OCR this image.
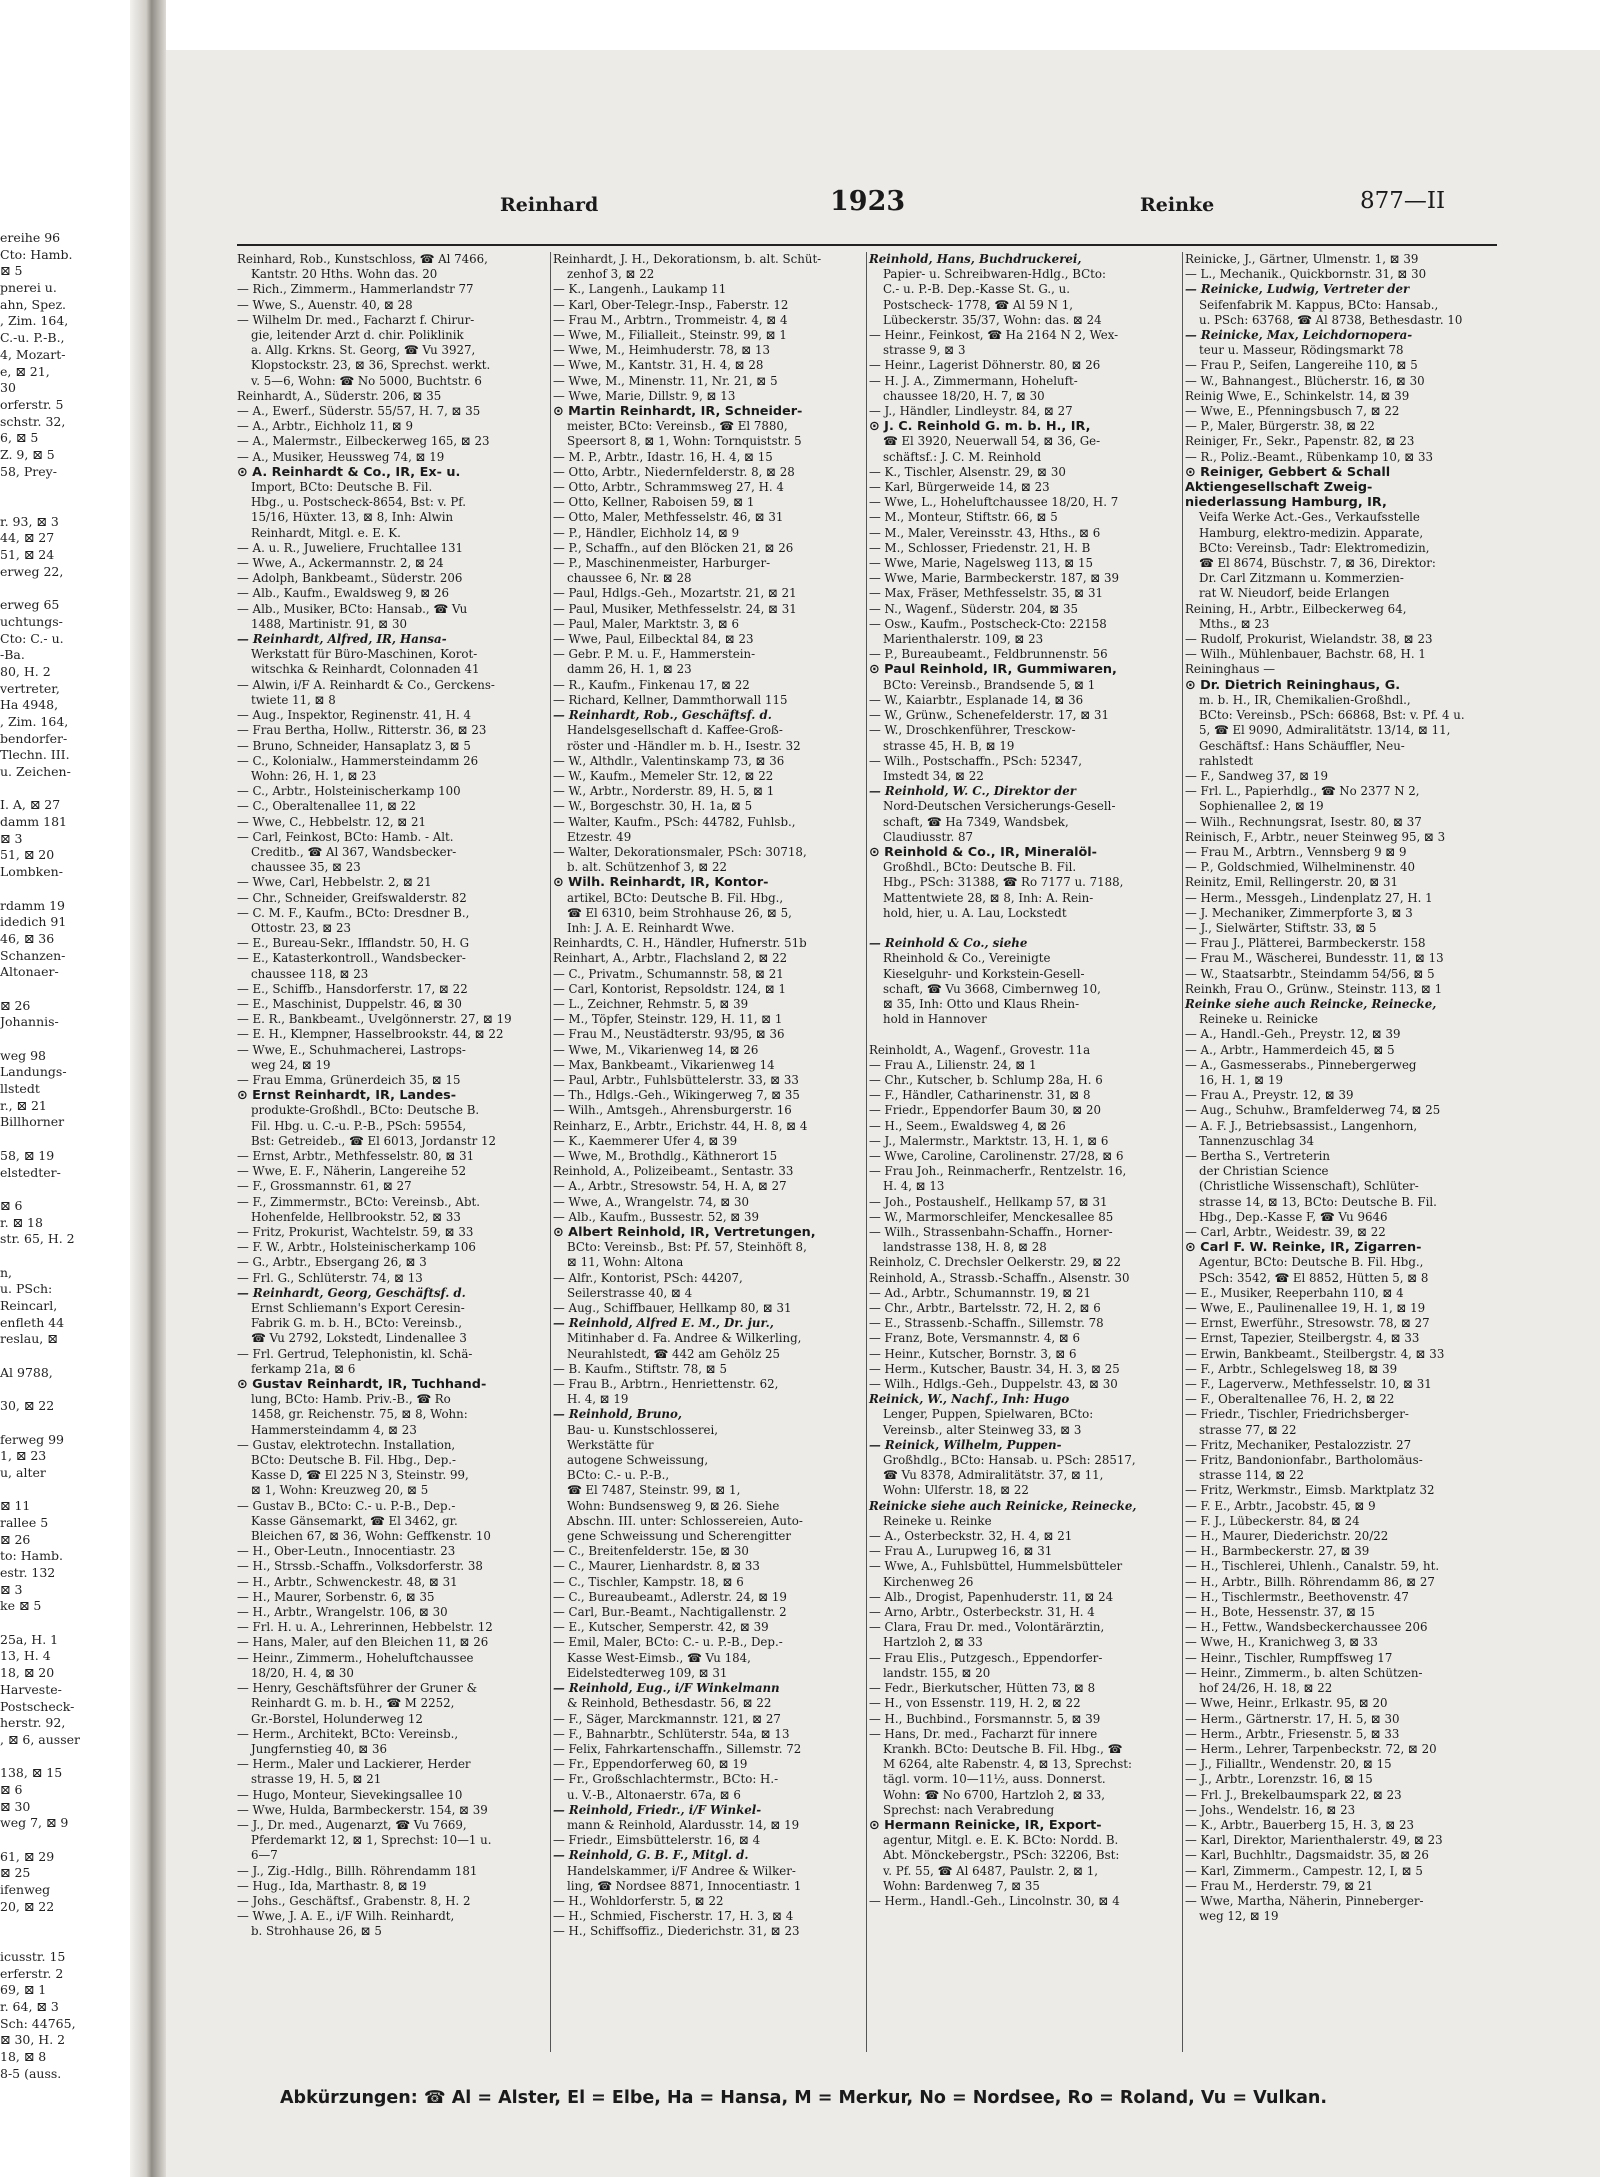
ereihe 96
Cto: Hamb.
⊠ 5
pnerei u.
ahn, Spez.
, Zim. 164,
C.-u. P.-B.,
4, Mozart-
e, ⊠ 21,
30
orferstr. 5
schstr. 32,
6, ⊠ 5
Z. 9, ⊠ 5
58, Prey-
r. 93, ⊠ 3
44, ⊠ 27
51, ⊠ 24
erweg 22,
erweg 65
uchtungs-
Cto: C.- u.
-Ba.
80, H. 2
vertreter,
Ha 4948,
, Zim. 164,
bendorfer-
Tlechn. III.
u. Zeichen-
I. A, ⊠ 27
damm 181
⊠ 3
51, ⊠ 20
Lombken-
rdamm 19
idedich 91
46, ⊠ 36
Schanzen-
Altonaer-
⊠ 26
Johannis-
weg 98
Landungs-
llstedt
r., ⊠ 21
Billhorner
58, ⊠ 19
elstedter-
⊠ 6
r. ⊠ 18
str. 65, H. 2
n,
u. PSch:
Reincarl,
enfleth 44
reslau, ⊠
Al 9788,
30, ⊠ 22
ferweg 99
1, ⊠ 23
u, alter
⊠ 11
rallee 5
⊠ 26
to: Hamb.
estr. 132
⊠ 3
ke ⊠ 5
25a, H. 1
13, H. 4
18, ⊠ 20
Harveste-
Postscheck-
herstr. 92,
, ⊠ 6, ausser
138, ⊠ 15
⊠ 6
⊠ 30
weg 7, ⊠ 9
61, ⊠ 29
⊠ 25
ifenweg
20, ⊠ 22
icusstr. 15
erferstr. 2
69, ⊠ 1
r. 64, ⊠ 3
Sch: 44765,
⊠ 30, H. 2
18, ⊠ 8
8-5 (auss.
Reinhard	1923	Reinke	877—II
Reinhard, Rob., Kunstschloss, ☎ Al 7466,
Kantstr. 20 Hths. Wohn das. 20
— Rich., Zimmerm., Hammerlandstr 77
— Wwe, S., Auenstr. 40, ⊠ 28
— Wilhelm Dr. med., Facharzt f. Chirur-
gie, leitender Arzt d. chir. Poliklinik
a. Allg. Krkns. St. Georg, ☎ Vu 3927,
Klopstockstr. 23, ⊠ 36, Sprechst. werkt.
v. 5—6, Wohn: ☎ No 5000, Buchtstr. 6
Reinhardt, A., Süderstr. 206, ⊠ 35
— A., Ewerf., Süderstr. 55/57, H. 7, ⊠ 35
— A., Arbtr., Eichholz 11, ⊠ 9
— A., Malermstr., Eilbeckerweg 165, ⊠ 23
— A., Musiker, Heussweg 74, ⊠ 19
⊙ A. Reinhardt & Co., IR, Ex- u.
Import, BCto: Deutsche B. Fil.
Hbg., u. Postscheck-8654, Bst: v. Pf.
15/16, Hüxter. 13, ⊠ 8, Inh: Alwin
Reinhardt, Mitgl. e. E. K.
— A. u. R., Juweliere, Fruchtallee 131
— Wwe, A., Ackermannstr. 2, ⊠ 24
— Adolph, Bankbeamt., Süderstr. 206
— Alb., Kaufm., Ewaldsweg 9, ⊠ 26
— Alb., Musiker, BCto: Hansab., ☎ Vu
1488, Martinistr. 91, ⊠ 30
— Reinhardt, Alfred, IR, Hansa-
Werkstatt für Büro-Maschinen, Korot-
witschka & Reinhardt, Colonnaden 41
— Alwin, i/F A. Reinhardt & Co., Gerckens-
twiete 11, ⊠ 8
— Aug., Inspektor, Reginenstr. 41, H. 4
— Frau Bertha, Hollw., Ritterstr. 36, ⊠ 23
— Bruno, Schneider, Hansaplatz 3, ⊠ 5
— C., Kolonialw., Hammersteindamm 26
Wohn: 26, H. 1, ⊠ 23
— C., Arbtr., Holsteinischerkamp 100
— C., Oberaltenallee 11, ⊠ 22
— Wwe, C., Hebbelstr. 12, ⊠ 21
— Carl, Feinkost, BCto: Hamb. - Alt.
Creditb., ☎ Al 367, Wandsbecker-
chaussee 35, ⊠ 23
— Wwe, Carl, Hebbelstr. 2, ⊠ 21
— Chr., Schneider, Greifswalderstr. 82
— C. M. F., Kaufm., BCto: Dresdner B.,
Ottostr. 23, ⊠ 23
— E., Bureau-Sekr., Ifflandstr. 50, H. G
— E., Katasterkontroll., Wandsbecker-
chaussee 118, ⊠ 23
— E., Schiffb., Hansdorferstr. 17, ⊠ 22
— E., Maschinist, Duppelstr. 46, ⊠ 30
— E. R., Bankbeamt., Uvelgönnerstr. 27, ⊠ 19
— E. H., Klempner, Hasselbrookstr. 44, ⊠ 22
— Wwe, E., Schuhmacherei, Lastrops-
weg 24, ⊠ 19
— Frau Emma, Grünerdeich 35, ⊠ 15
⊙ Ernst Reinhardt, IR, Landes-
produkte-Großhdl., BCto: Deutsche B.
Fil. Hbg. u. C.-u. P.-B., PSch: 59554,
Bst: Getreideb., ☎ El 6013, Jordanstr 12
— Ernst, Arbtr., Methfesselstr. 80, ⊠ 31
— Wwe, E. F., Näherin, Langereihe 52
— F., Grossmannstr. 61, ⊠ 27
— F., Zimmermstr., BCto: Vereinsb., Abt.
Hohenfelde, Hellbrookstr. 52, ⊠ 33
— Fritz, Prokurist, Wachtelstr. 59, ⊠ 33
— F. W., Arbtr., Holsteinischerkamp 106
— G., Arbtr., Ebsergang 26, ⊠ 3
— Frl. G., Schlüterstr. 74, ⊠ 13
— Reinhardt, Georg, Geschäftsf. d.
Ernst Schliemann's Export Ceresin-
Fabrik G. m. b. H., BCto: Vereinsb.,
☎ Vu 2792, Lokstedt, Lindenallee 3
— Frl. Gertrud, Telephonistin, kl. Schä-
ferkamp 21a, ⊠ 6
⊙ Gustav Reinhardt, IR, Tuchhand-
lung, BCto: Hamb. Priv.-B., ☎ Ro
1458, gr. Reichenstr. 75, ⊠ 8, Wohn:
Hammersteindamm 4, ⊠ 23
— Gustav, elektrotechn. Installation,
BCto: Deutsche B. Fil. Hbg., Dep.-
Kasse D, ☎ El 225 N 3, Steinstr. 99,
⊠ 1, Wohn: Kreuzweg 20, ⊠ 5
— Gustav B., BCto: C.- u. P.-B., Dep.-
Kasse Gänsemarkt, ☎ El 3462, gr.
Bleichen 67, ⊠ 36, Wohn: Geffkenstr. 10
— H., Ober-Leutn., Innocentiastr. 23
— H., Strssb.-Schaffn., Volksdorferstr. 38
— H., Arbtr., Schwenckestr. 48, ⊠ 31
— H., Maurer, Sorbenstr. 6, ⊠ 35
— H., Arbtr., Wrangelstr. 106, ⊠ 30
— Frl. H. u. A., Lehrerinnen, Hebbelstr. 12
— Hans, Maler, auf den Bleichen 11, ⊠ 26
— Heinr., Zimmerm., Hoheluftchaussee
18/20, H. 4, ⊠ 30
— Henry, Geschäftsführer der Gruner &
Reinhardt G. m. b. H., ☎ M 2252,
Gr.-Borstel, Holunderweg 12
— Herm., Architekt, BCto: Vereinsb.,
Jungfernstieg 40, ⊠ 36
— Herm., Maler und Lackierer, Herder
strasse 19, H. 5, ⊠ 21
— Hugo, Monteur, Sievekingsallee 10
— Wwe, Hulda, Barmbeckerstr. 154, ⊠ 39
— J., Dr. med., Augenarzt, ☎ Vu 7669,
Pferdemarkt 12, ⊠ 1, Sprechst: 10—1 u.
6—7
— J., Zig.-Hdlg., Billh. Röhrendamm 181
— Hug., Ida, Marthastr. 8, ⊠ 19
— Johs., Geschäftsf., Grabenstr. 8, H. 2
— Wwe, J. A. E., i/F Wilh. Reinhardt,
b. Strohhause 26, ⊠ 5
Reinhardt, J. H., Dekorationsm, b. alt. Schüt-
zenhof 3, ⊠ 22
— K., Langenh., Laukamp 11
— Karl, Ober-Telegr.-Insp., Faberstr. 12
— Frau M., Arbtrn., Trommeistr. 4, ⊠ 4
— Wwe, M., Filialleit., Steinstr. 99, ⊠ 1
— Wwe, M., Heimhuderstr. 78, ⊠ 13
— Wwe, M., Kantstr. 31, H. 4, ⊠ 28
— Wwe, M., Minenstr. 11, Nr. 21, ⊠ 5
— Wwe, Marie, Dillstr. 9, ⊠ 13
⊙ Martin Reinhardt, IR, Schneider-
meister, BCto: Vereinsb., ☎ El 7880,
Speersort 8, ⊠ 1, Wohn: Tornquiststr. 5
— M. P., Arbtr., Idastr. 16, H. 4, ⊠ 15
— Otto, Arbtr., Niedernfelderstr. 8, ⊠ 28
— Otto, Arbtr., Schrammsweg 27, H. 4
— Otto, Kellner, Raboisen 59, ⊠ 1
— Otto, Maler, Methfesselstr. 46, ⊠ 31
— P., Händler, Eichholz 14, ⊠ 9
— P., Schaffn., auf den Blöcken 21, ⊠ 26
— P., Maschinenmeister, Harburger-
chaussee 6, Nr. ⊠ 28
— Paul, Hdlgs.-Geh., Mozartstr. 21, ⊠ 21
— Paul, Musiker, Methfesselstr. 24, ⊠ 31
— Paul, Maler, Marktstr. 3, ⊠ 6
— Wwe, Paul, Eilbecktal 84, ⊠ 23
— Gebr. P. M. u. F., Hammerstein-
damm 26, H. 1, ⊠ 23
— R., Kaufm., Finkenau 17, ⊠ 22
— Richard, Kellner, Dammthorwall 115
— Reinhardt, Rob., Geschäftsf. d.
Handelsgesellschaft d. Kaffee-Groß-
röster und -Händler m. b. H., Isestr. 32
— W., Althdlr., Valentinskamp 73, ⊠ 36
— W., Kaufm., Memeler Str. 12, ⊠ 22
— W., Arbtr., Norderstr. 89, H. 5, ⊠ 1
— W., Borgeschstr. 30, H. 1a, ⊠ 5
— Walter, Kaufm., PSch: 44782, Fuhlsb.,
Etzestr. 49
— Walter, Dekorationsmaler, PSch: 30718,
b. alt. Schützenhof 3, ⊠ 22
⊙ Wilh. Reinhardt, IR, Kontor-
artikel, BCto: Deutsche B. Fil. Hbg.,
☎ El 6310, beim Strohhause 26, ⊠ 5,
Inh: J. A. E. Reinhardt Wwe.
Reinhardts, C. H., Händler, Hufnerstr. 51b
Reinhart, A., Arbtr., Flachsland 2, ⊠ 22
— C., Privatm., Schumannstr. 58, ⊠ 21
— Carl, Kontorist, Repsoldstr. 124, ⊠ 1
— L., Zeichner, Rehmstr. 5, ⊠ 39
— M., Töpfer, Steinstr. 129, H. 11, ⊠ 1
— Frau M., Neustädterstr. 93/95, ⊠ 36
— Wwe, M., Vikarienweg 14, ⊠ 26
— Max, Bankbeamt., Vikarienweg 14
— Paul, Arbtr., Fuhlsbüttelerstr. 33, ⊠ 33
— Th., Hdlgs.-Geh., Wikingerweg 7, ⊠ 35
— Wilh., Amtsgeh., Ahrensburgerstr. 16
Reinharz, E., Arbtr., Erichstr. 44, H. 8, ⊠ 4
— K., Kaemmerer Ufer 4, ⊠ 39
— Wwe, M., Brothdlg., Käthnerort 15
Reinhold, A., Polizeibeamt., Sentastr. 33
— A., Arbtr., Stresowstr. 54, H. A, ⊠ 27
— Wwe, A., Wrangelstr. 74, ⊠ 30
— Alb., Kaufm., Bussestr. 52, ⊠ 39
⊙ Albert Reinhold, IR, Vertretungen,
BCto: Vereinsb., Bst: Pf. 57, Steinhöft 8,
⊠ 11, Wohn: Altona
— Alfr., Kontorist, PSch: 44207,
Seilerstrasse 40, ⊠ 4
— Aug., Schiffbauer, Hellkamp 80, ⊠ 31
— Reinhold, Alfred E. M., Dr. jur.,
Mitinhaber d. Fa. Andree & Wilkerling,
Neurahlstedt, ☎ 442 am Gehölz 25
— B. Kaufm., Stiftstr. 78, ⊠ 5
— Frau B., Arbtrn., Henriettenstr. 62,
H. 4, ⊠ 19
— Reinhold, Bruno,
Bau- u. Kunstschlosserei,
Werkstätte für
autogene Schweissung,
BCto: C.- u. P.-B.,
☎ El 7487, Steinstr. 99, ⊠ 1,
Wohn: Bundsensweg 9, ⊠ 26. Siehe
Abschn. III. unter: Schlossereien, Auto-
gene Schweissung und Scherengitter
— C., Breitenfelderstr. 15e, ⊠ 30
— C., Maurer, Lienhardstr. 8, ⊠ 33
— C., Tischler, Kampstr. 18, ⊠ 6
— C., Bureaubeamt., Adlerstr. 24, ⊠ 19
— Carl, Bur.-Beamt., Nachtigallenstr. 2
— E., Kutscher, Semperstr. 42, ⊠ 39
— Emil, Maler, BCto: C.- u. P.-B., Dep.-
Kasse West-Eimsb., ☎ Vu 184,
Eidelstedterweg 109, ⊠ 31
— Reinhold, Eug., i/F Winkelmann
& Reinhold, Bethesdastr. 56, ⊠ 22
— F., Säger, Marckmannstr. 121, ⊠ 27
— F., Bahnarbtr., Schlüterstr. 54a, ⊠ 13
— Felix, Fahrkartenschaffn., Sillemstr. 72
— Fr., Eppendorferweg 60, ⊠ 19
— Fr., Großschlachtermstr., BCto: H.-
u. V.-B., Altonaerstr. 67a, ⊠ 6
— Reinhold, Friedr., i/F Winkel-
mann & Reinhold, Alardusstr. 14, ⊠ 19
— Friedr., Eimsbüttelerstr. 16, ⊠ 4
— Reinhold, G. B. F., Mitgl. d.
Handelskammer, i/F Andree & Wilker-
ling, ☎ Nordsee 8871, Innocentiastr. 1
— H., Wohldorferstr. 5, ⊠ 22
— H., Schmied, Fischerstr. 17, H. 3, ⊠ 4
— H., Schiffsoffiz., Diederichstr. 31, ⊠ 23
Reinhold, Hans, Buchdruckerei,
Papier- u. Schreibwaren-Hdlg., BCto:
C.- u. P.-B. Dep.-Kasse St. G., u.
Postscheck- 1778, ☎ Al 59 N 1,
Lübeckerstr. 35/37, Wohn: das. ⊠ 24
— Heinr., Feinkost, ☎ Ha 2164 N 2, Wex-
strasse 9, ⊠ 3
— Heinr., Lagerist Döhnerstr. 80, ⊠ 26
— H. J. A., Zimmermann, Hoheluft-
chaussee 18/20, H. 7, ⊠ 30
— J., Händler, Lindleystr. 84, ⊠ 27
⊙ J. C. Reinhold G. m. b. H., IR,
☎ El 3920, Neuerwall 54, ⊠ 36, Ge-
schäftsf.: J. C. M. Reinhold
— K., Tischler, Alsenstr. 29, ⊠ 30
— Karl, Bürgerweide 14, ⊠ 23
— Wwe, L., Hoheluftchaussee 18/20, H. 7
— M., Monteur, Stiftstr. 66, ⊠ 5
— M., Maler, Vereinsstr. 43, Hths., ⊠ 6
— M., Schlosser, Friedenstr. 21, H. B
— Wwe, Marie, Nagelsweg 113, ⊠ 15
— Wwe, Marie, Barmbeckerstr. 187, ⊠ 39
— Max, Fräser, Methfesselstr. 35, ⊠ 31
— N., Wagenf., Süderstr. 204, ⊠ 35
— Osw., Kaufm., Postscheck-Cto: 22158
Marienthalerstr. 109, ⊠ 23
— P., Bureaubeamt., Feldbrunnenstr. 56
⊙ Paul Reinhold, IR, Gummiwaren,
BCto: Vereinsb., Brandsende 5, ⊠ 1
— W., Kaiarbtr., Esplanade 14, ⊠ 36
— W., Grünw., Schenefelderstr. 17, ⊠ 31
— W., Droschkenführer, Tresckow-
strasse 45, H. B, ⊠ 19
— Wilh., Postschaffn., PSch: 52347,
Imstedt 34, ⊠ 22
— Reinhold, W. C., Direktor der
Nord-Deutschen Versicherungs-Gesell-
schaft, ☎ Ha 7349, Wandsbek,
Claudiusstr. 87
⊙ Reinhold & Co., IR, Mineralöl-
Großhdl., BCto: Deutsche B. Fil.
Hbg., PSch: 31388, ☎ Ro 7177 u. 7188,
Mattentwiete 28, ⊠ 8, Inh: A. Rein-
hold, hier, u. A. Lau, Lockstedt

— Reinhold & Co., siehe
Rheinhold & Co., Vereinigte
Kieselguhr- und Korkstein-Gesell-
schaft, ☎ Vu 3668, Cimbernweg 10,
⊠ 35, Inh: Otto und Klaus Rhein-
hold in Hannover

Reinholdt, A., Wagenf., Grovestr. 11a
— Frau A., Lilienstr. 24, ⊠ 1
— Chr., Kutscher, b. Schlump 28a, H. 6
— F., Händler, Catharinenstr. 31, ⊠ 8
— Friedr., Eppendorfer Baum 30, ⊠ 20
— H., Seem., Ewaldsweg 4, ⊠ 26
— J., Malermstr., Marktstr. 13, H. 1, ⊠ 6
— Wwe, Caroline, Carolinenstr. 27/28, ⊠ 6
— Frau Joh., Reinmacherfr., Rentzelstr. 16,
H. 4, ⊠ 13
— Joh., Postaushelf., Hellkamp 57, ⊠ 31
— W., Marmorschleifer, Menckesallee 85
— Wilh., Strassenbahn-Schaffn., Horner-
landstrasse 138, H. 8, ⊠ 28
Reinholz, C. Drechsler Oelkerstr. 29, ⊠ 22
Reinhold, A., Strassb.-Schaffn., Alsenstr. 30
— Ad., Arbtr., Schumannstr. 19, ⊠ 21
— Chr., Arbtr., Bartelsstr. 72, H. 2, ⊠ 6
— E., Strassenb.-Schaffn., Sillemstr. 78
— Franz, Bote, Versmannstr. 4, ⊠ 6
— Heinr., Kutscher, Bornstr. 3, ⊠ 6
— Herm., Kutscher, Baustr. 34, H. 3, ⊠ 25
— Wilh., Hdlgs.-Geh., Duppelstr. 43, ⊠ 30
Reinick, W., Nachf., Inh: Hugo
Lenger, Puppen, Spielwaren, BCto:
Vereinsb., alter Steinweg 33, ⊠ 3
— Reinick, Wilhelm, Puppen-
Großhdlg., BCto: Hansab. u. PSch: 28517,
☎ Vu 8378, Admiralitätstr. 37, ⊠ 11,
Wohn: Ulferstr. 18, ⊠ 22
Reinicke siehe auch Reinicke, Reinecke,
Reineke u. Reinke
— A., Osterbeckstr. 32, H. 4, ⊠ 21
— Frau A., Lurupweg 16, ⊠ 31
— Wwe, A., Fuhlsbüttel, Hummelsbütteler
Kirchenweg 26
— Alb., Drogist, Papenhuderstr. 11, ⊠ 24
— Arno, Arbtr., Osterbeckstr. 31, H. 4
— Clara, Frau Dr. med., Volontärärztin,
Hartzloh 2, ⊠ 33
— Frau Elis., Putzgesch., Eppendorfer-
landstr. 155, ⊠ 20
— Fedr., Bierkutscher, Hütten 73, ⊠ 8
— H., von Essenstr. 119, H. 2, ⊠ 22
— H., Buchbind., Forsmannstr. 5, ⊠ 39
— Hans, Dr. med., Facharzt für innere
Krankh. BCto: Deutsche B. Fil. Hbg., ☎
M 6264, alte Rabenstr. 4, ⊠ 13, Sprechst:
tägl. vorm. 10—11½, auss. Donnerst.
Wohn: ☎ No 6700, Hartzloh 2, ⊠ 33,
Sprechst: nach Verabredung
⊙ Hermann Reinicke, IR, Export-
agentur, Mitgl. e. E. K. BCto: Nordd. B.
Abt. Mönckebergstr., PSch: 32206, Bst:
v. Pf. 55, ☎ Al 6487, Paulstr. 2, ⊠ 1,
Wohn: Bardenweg 7, ⊠ 35
— Herm., Handl.-Geh., Lincolnstr. 30, ⊠ 4
Reinicke, J., Gärtner, Ulmenstr. 1, ⊠ 39
— L., Mechanik., Quickbornstr. 31, ⊠ 30
— Reinicke, Ludwig, Vertreter der
Seifenfabrik M. Kappus, BCto: Hansab.,
u. PSch: 63768, ☎ Al 8738, Bethesdastr. 10
— Reinicke, Max, Leichdornopera-
teur u. Masseur, Rödingsmarkt 78
— Frau P., Seifen, Langereihe 110, ⊠ 5
— W., Bahnangest., Blücherstr. 16, ⊠ 30
Reinig Wwe, E., Schinkelstr. 14, ⊠ 39
— Wwe, E., Pfenningsbusch 7, ⊠ 22
— P., Maler, Bürgerstr. 38, ⊠ 22
Reiniger, Fr., Sekr., Papenstr. 82, ⊠ 23
— R., Poliz.-Beamt., Rübenkamp 10, ⊠ 33
⊙ Reiniger, Gebbert & Schall
Aktiengesellschaft Zweig-
niederlassung Hamburg, IR,
Veifa Werke Act.-Ges., Verkaufsstelle
Hamburg, elektro-medizin. Apparate,
BCto: Vereinsb., Tadr: Elektromedizin,
☎ El 8674, Büschstr. 7, ⊠ 36, Direktor:
Dr. Carl Zitzmann u. Kommerzien-
rat W. Nieudorf, beide Erlangen
Reining, H., Arbtr., Eilbeckerweg 64,
Mths., ⊠ 23
— Rudolf, Prokurist, Wielandstr. 38, ⊠ 23
— Wilh., Mühlenbauer, Bachstr. 68, H. 1
Reininghaus —
⊙ Dr. Dietrich Reininghaus, G.
m. b. H., IR, Chemikalien-Großhdl.,
BCto: Vereinsb., PSch: 66868, Bst: v. Pf. 4 u.
5, ☎ El 9090, Admiralitätstr. 13/14, ⊠ 11,
Geschäftsf.: Hans Schäuffler, Neu-
rahlstedt
— F., Sandweg 37, ⊠ 19
— Frl. L., Papierhdlg., ☎ No 2377 N 2,
Sophienallee 2, ⊠ 19
— Wilh., Rechnungsrat, Isestr. 80, ⊠ 37
Reinisch, F., Arbtr., neuer Steinweg 95, ⊠ 3
— Frau M., Arbtrn., Vennsberg 9 ⊠ 9
— P., Goldschmied, Wilhelminenstr. 40
Reinitz, Emil, Rellingerstr. 20, ⊠ 31
— Herm., Messgeh., Lindenplatz 27, H. 1
— J. Mechaniker, Zimmerpforte 3, ⊠ 3
— J., Sielwärter, Stiftstr. 33, ⊠ 5
— Frau J., Plätterei, Barmbeckerstr. 158
— Frau M., Wäscherei, Bundesstr. 11, ⊠ 13
— W., Staatsarbtr., Steindamm 54/56, ⊠ 5
Reinkh, Frau O., Grünw., Steinstr. 113, ⊠ 1
Reinke siehe auch Reincke, Reinecke,
Reineke u. Reinicke
— A., Handl.-Geh., Preystr. 12, ⊠ 39
— A., Arbtr., Hammerdeich 45, ⊠ 5
— A., Gasmesserabs., Pinnebergerweg
16, H. 1, ⊠ 19
— Frau A., Preystr. 12, ⊠ 39
— Aug., Schuhw., Bramfelderweg 74, ⊠ 25
— A. F. J., Betriebsassist., Langenhorn,
Tannenzuschlag 34
— Bertha S., Vertreterin
der Christian Science
(Christliche Wissenschaft), Schlüter-
strasse 14, ⊠ 13, BCto: Deutsche B. Fil.
Hbg., Dep.-Kasse F, ☎ Vu 9646
— Carl, Arbtr., Weidestr. 39, ⊠ 22
⊙ Carl F. W. Reinke, IR, Zigarren-
Agentur, BCto: Deutsche B. Fil. Hbg.,
PSch: 3542, ☎ El 8852, Hütten 5, ⊠ 8
— E., Musiker, Reeperbahn 110, ⊠ 4
— Wwe, E., Paulinenallee 19, H. 1, ⊠ 19
— Ernst, Ewerführ., Stresowstr. 78, ⊠ 27
— Ernst, Tapezier, Steilbergstr. 4, ⊠ 33
— Erwin, Bankbeamt., Steilbergstr. 4, ⊠ 33
— F., Arbtr., Schlegelsweg 18, ⊠ 39
— F., Lagerverw., Methfesselstr. 10, ⊠ 31
— F., Oberaltenallee 76, H. 2, ⊠ 22
— Friedr., Tischler, Friedrichsberger-
strasse 77, ⊠ 22
— Fritz, Mechaniker, Pestalozzistr. 27
— Fritz, Bandonionfabr., Bartholomäus-
strasse 114, ⊠ 22
— Fritz, Werkmstr., Eimsb. Marktplatz 32
— F. E., Arbtr., Jacobstr. 45, ⊠ 9
— F. J., Lübeckerstr. 84, ⊠ 24
— H., Maurer, Diederichstr. 20/22
— H., Barmbeckerstr. 27, ⊠ 39
— H., Tischlerei, Uhlenh., Canalstr. 59, ht.
— H., Arbtr., Billh. Röhrendamm 86, ⊠ 27
— H., Tischlermstr., Beethovenstr. 47
— H., Bote, Hessenstr. 37, ⊠ 15
— H., Fettw., Wandsbeckerchaussee 206
— Wwe, H., Kranichweg 3, ⊠ 33
— Heinr., Tischler, Rumpffsweg 17
— Heinr., Zimmerm., b. alten Schützen-
hof 24/26, H. 18, ⊠ 22
— Wwe, Heinr., Erlkastr. 95, ⊠ 20
— Herm., Gärtnerstr. 17, H. 5, ⊠ 30
— Herm., Arbtr., Friesenstr. 5, ⊠ 33
— Herm., Lehrer, Tarpenbeckstr. 72, ⊠ 20
— J., Filialltr., Wendenstr. 20, ⊠ 15
— J., Arbtr., Lorenzstr. 16, ⊠ 15
— Frl. J., Brekelbaumspark 22, ⊠ 23
— Johs., Wendelstr. 16, ⊠ 23
— K., Arbtr., Bauerberg 15, H. 3, ⊠ 23
— Karl, Direktor, Marienthalerstr. 49, ⊠ 23
— Karl, Buchhltr., Dagsmaidstr. 35, ⊠ 26
— Karl, Zimmerm., Campestr. 12, I, ⊠ 5
— Frau M., Herderstr. 79, ⊠ 21
— Wwe, Martha, Näherin, Pinneberger-
weg 12, ⊠ 19
Abkürzungen: ☎ Al = Alster, El = Elbe, Ha = Hansa, M = Merkur, No = Nordsee, Ro = Roland, Vu = Vulkan.
